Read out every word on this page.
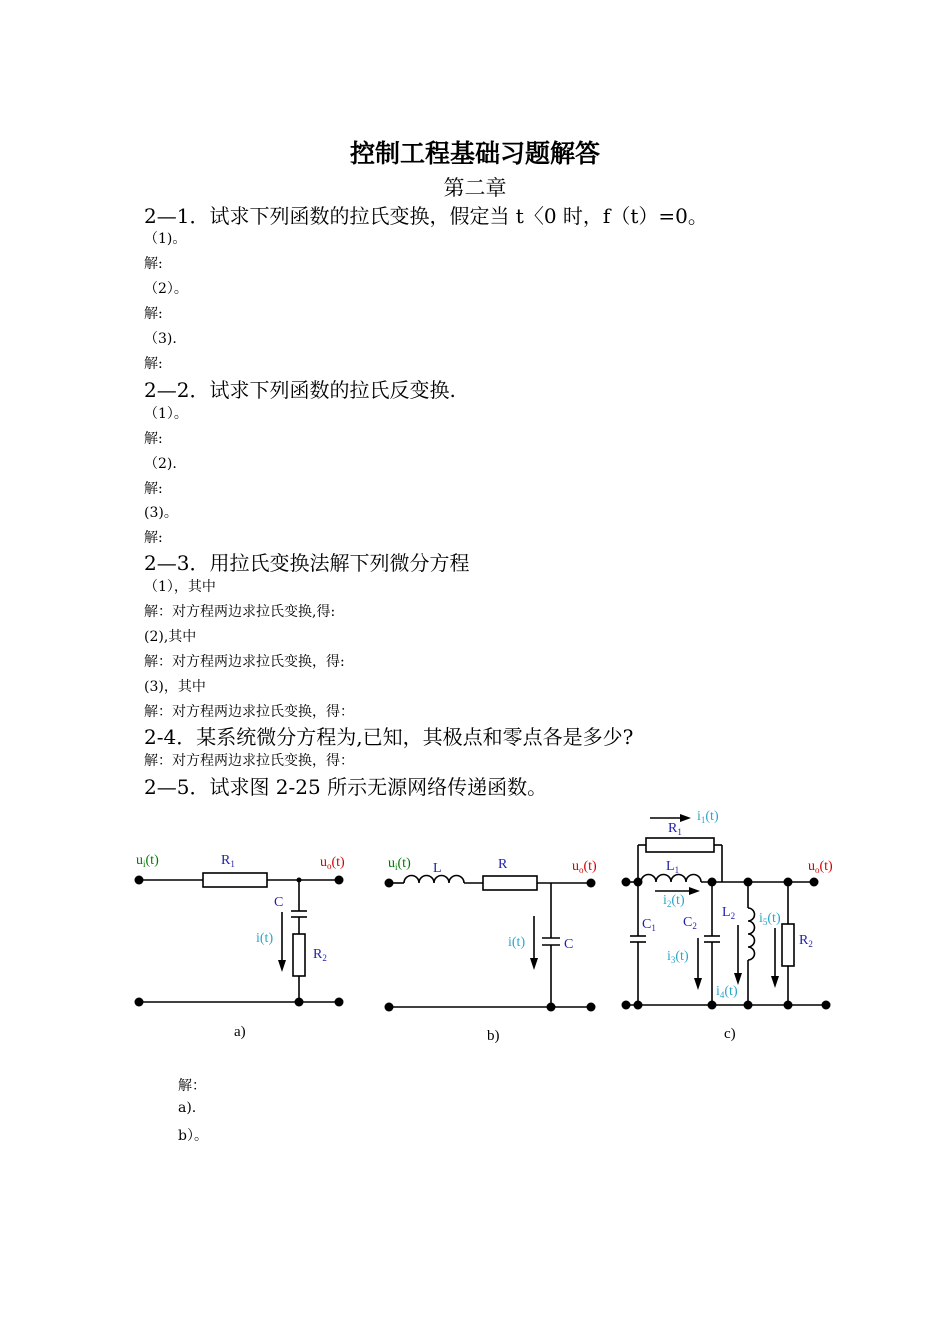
控制工程基础习题解答
第二章
2—1．试求下列函数的拉氏变换，假定当 t〈0 时，f（t）=0。
（1)。
解:
（2）。
解:
（3).
解:
2—2．试求下列函数的拉氏反变换.
（1）。
解:
（2).
解:
(3)。
解:
2—3．用拉氏变换法解下列微分方程
（1），其中
解：对方程两边求拉氏变换,得:
(2),其中
解：对方程两边求拉氏变换，得:
(3)，其中
解：对方程两边求拉氏变换，得：
2-4．某系统微分方程为,已知，其极点和零点各是多少?
解：对方程两边求拉氏变换，得：
2—5．试求图 2-25 所示无源网络传递函数。
$u_i(t)$	$R_1$	$u_o(t)$
C
i(t)
$R_2$
a)
$u_i(t)$ L	R	$u_o(t)$
i(t)	C
b)
$i_1(t)$
$R_1$
$L_1$	$u_o(t)$
$i_2(t)$
$C_1$ $C_2$
$L_2$ $i_5(t)$
$R_2$
$i_3(t)$
$i_4(t)$
c)
解：
a).
b）。
